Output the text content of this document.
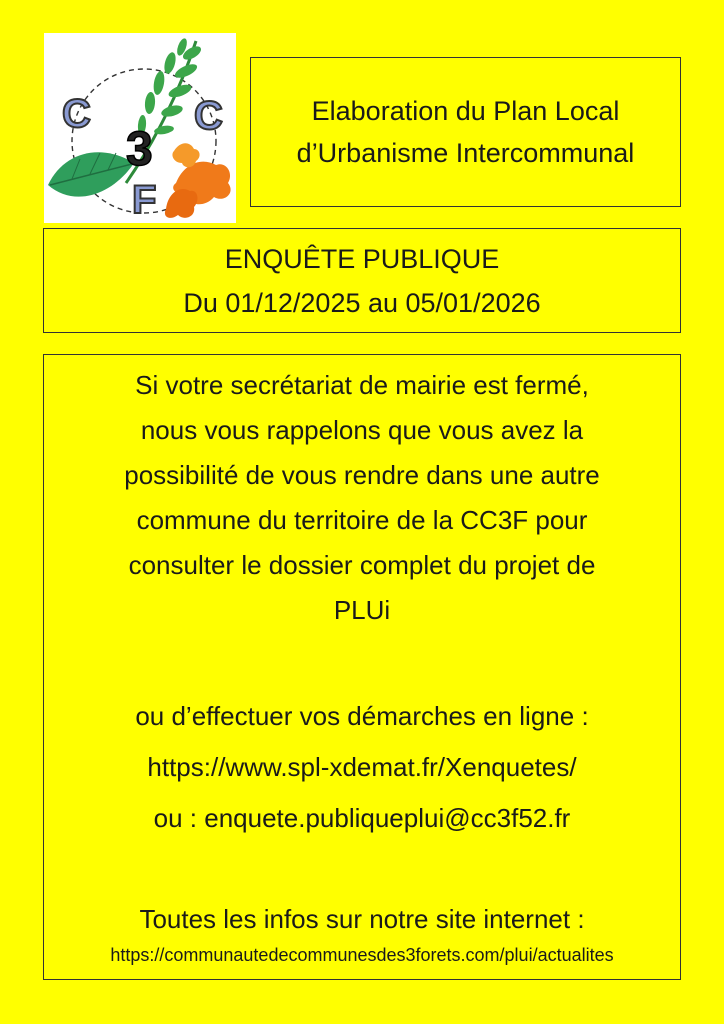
C	C
3
F
Elaboration du Plan Local
d’Urbanisme Intercommunal
ENQUÊTE PUBLIQUE
Du 01/12/2025 au 05/01/2026
Si votre secrétariat de mairie est fermé,
nous vous rappelons que vous avez la
possibilité de vous rendre dans une autre
commune du territoire de la CC3F pour
consulter le dossier complet du projet de
PLUi
ou d’effectuer vos démarches en ligne :
https://www.spl-xdemat.fr/Xenquetes/
ou : enquete.publiqueplui@cc3f52.fr
Toutes les infos sur notre site internet :
https://communautedecommunesdes3forets.com/plui/actualites
